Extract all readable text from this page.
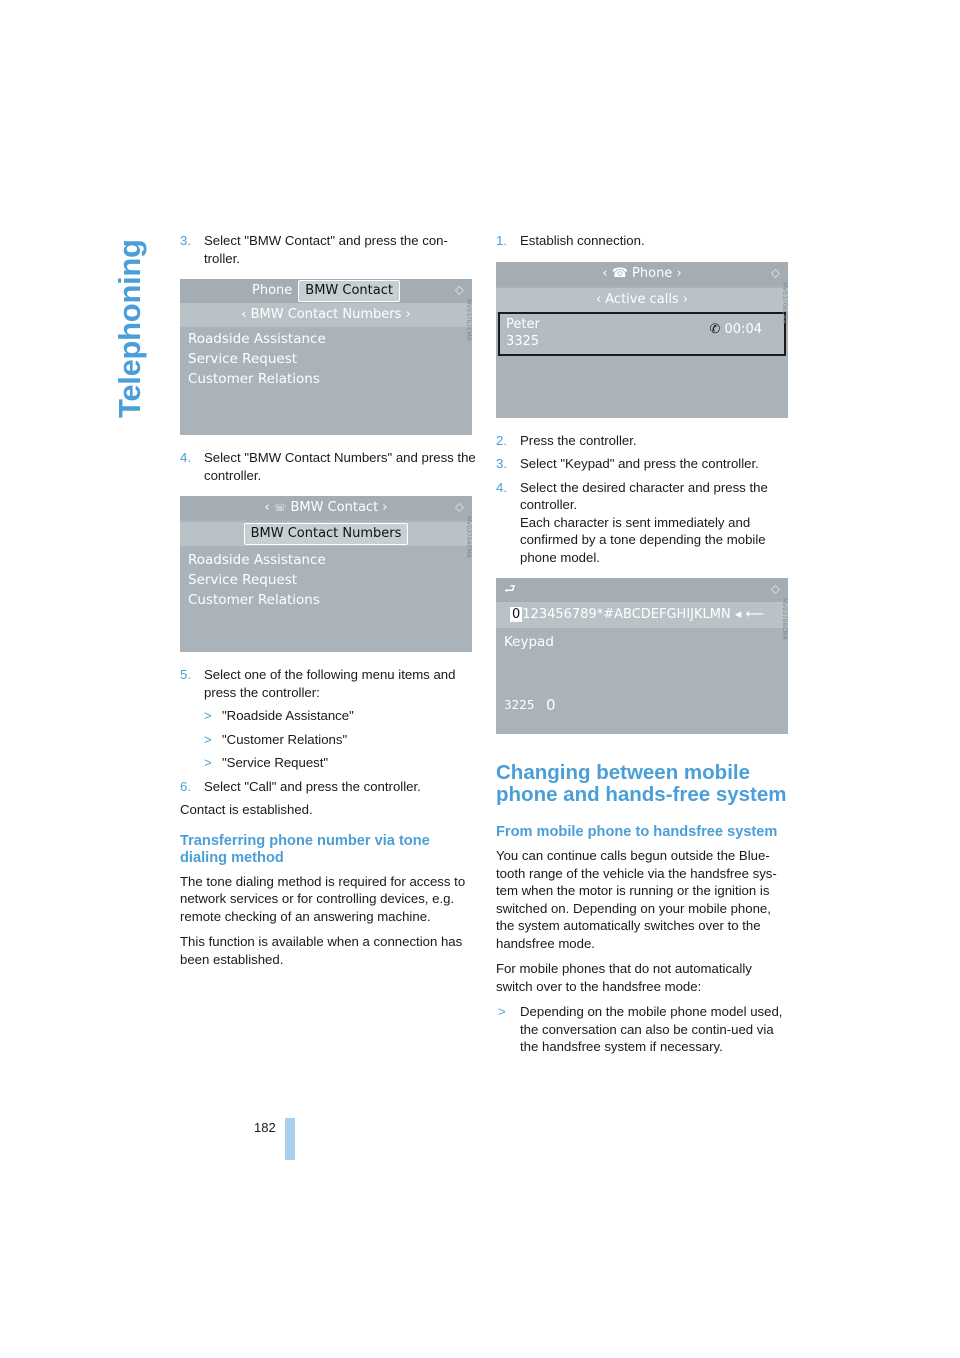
Telephoning	3. Select "BMW Contact" and press the con-troller.
Phone BMW Contact	⬦
‹ BMW Contact Numbers ›
Roadside Assistance
Service Request
Customer Relations
MV03702CMA
4. Select "BMW Contact Numbers" and press the controller.
‹ ☏ BMW Contact ›	⬦
BMW Contact Numbers
Roadside Assistance
Service Request
Customer Relations
MV03704CMA
5. Select one of the following menu items and press the controller:
> "Roadside Assistance"
> "Customer Relations"
> "Service Request"
6. Select "Call" and press the controller.

Contact is established.

Transferring phone number via tone dialing method

The tone dialing method is required for access to network services or for controlling devices, e.g. remote checking of an answering machine.

This function is available when a connection has been established.

1. Establish connection.
‹ ☎ Phone ›	⬦
‹ Active calls ›
Peter
3325
✆ 00:04
MV03706CMA
2. Press the controller.
3. Select "Keypad" and press the controller.
4. Select the desired character and press the controller.
Each character is sent immediately and confirmed by a tone depending the mobile phone model.
⮐	⬦
0 123456789*#ABCDEFGHIJKLMN ◂ ⟵
Keypad
3225 0
MV03708CMA
Changing between mobile phone and hands-free system
From mobile phone to handsfree system

You can continue calls begun outside the Blue-tooth range of the vehicle via the handsfree sys-tem when the motor is running or the ignition is switched on. Depending on your mobile phone, the system automatically switches over to the handsfree mode.

For mobile phones that do not automatically switch over to the handsfree mode:

> Depending on the mobile phone model used, the conversation can also be contin-ued via the handsfree system if necessary.
182
